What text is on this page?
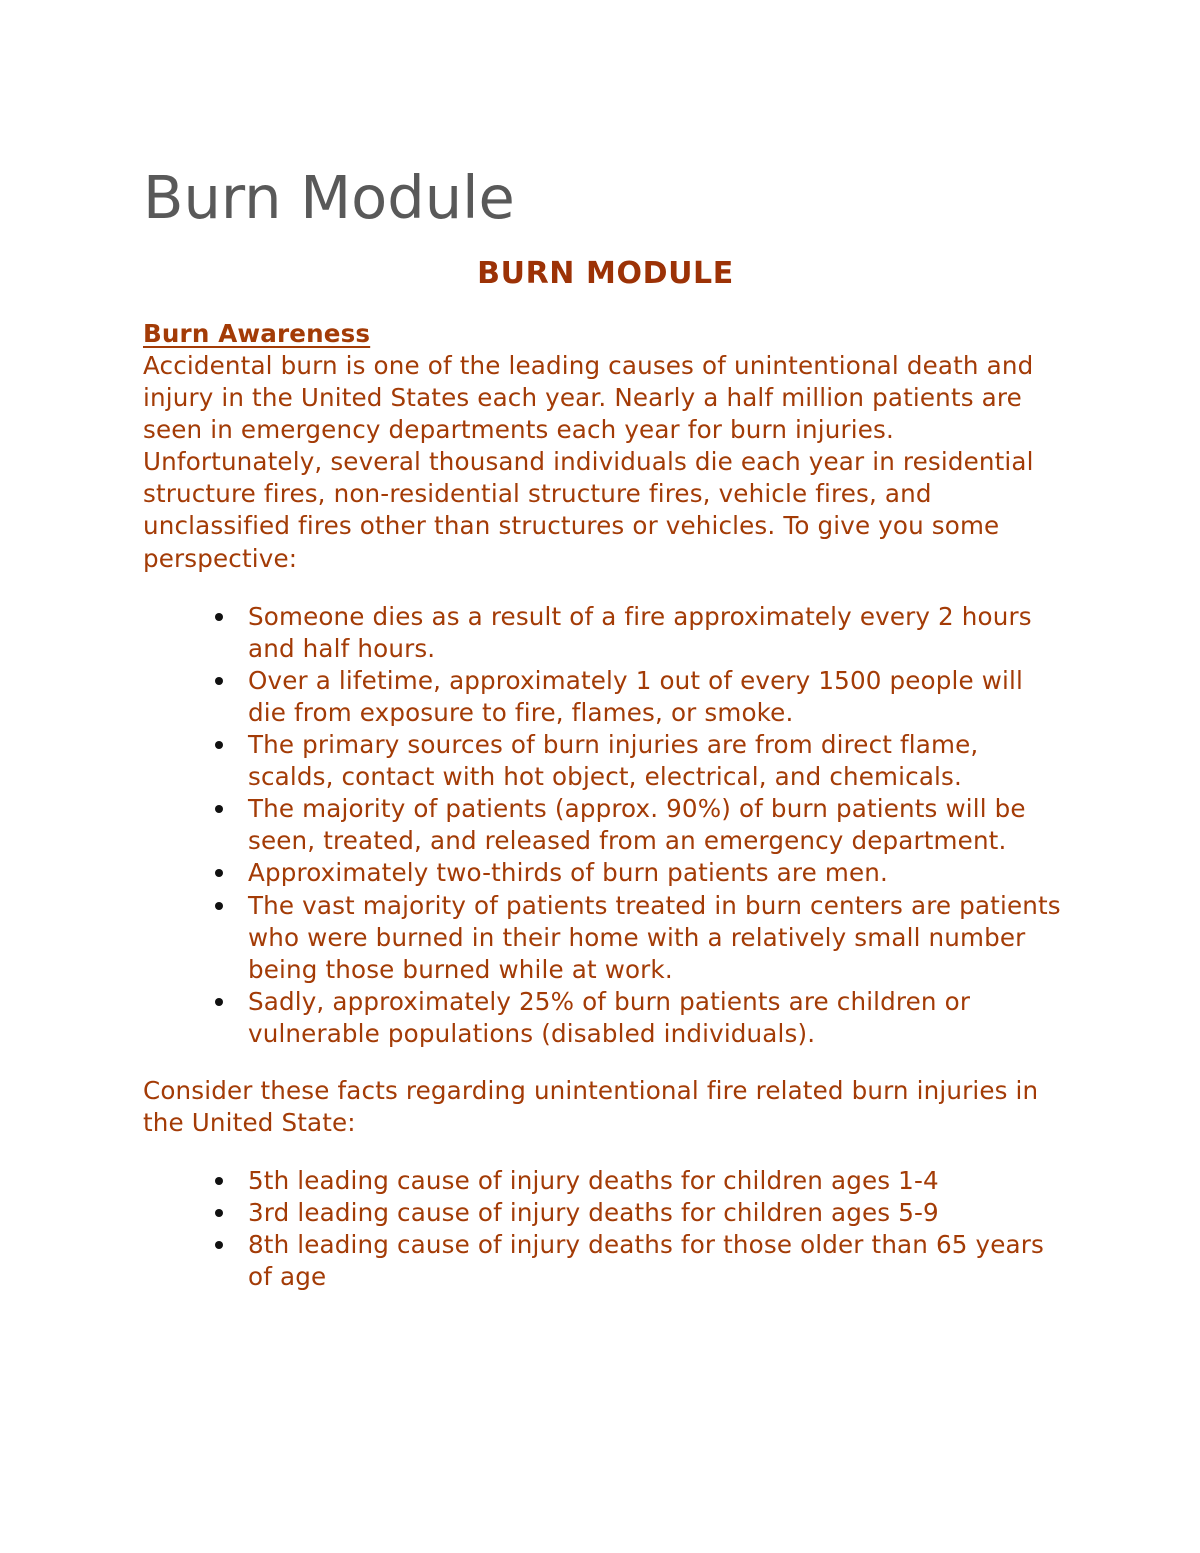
Burn Module
BURN MODULE
Burn Awareness

Accidental burn is one of the leading causes of unintentional death and injury in the United States each year. Nearly a half million patients are seen in emergency departments each year for burn injuries. Unfortunately, several thousand individuals die each year in residential structure fires, non-residential structure fires, vehicle fires, and unclassified fires other than structures or vehicles. To give you some perspective:

Someone dies as a result of a fire approximately every 2 hours and half hours.
Over a lifetime, approximately 1 out of every 1500 people will die from exposure to fire, flames, or smoke.
The primary sources of burn injuries are from direct flame, scalds, contact with hot object, electrical, and chemicals.
The majority of patients (approx. 90%) of burn patients will be seen, treated, and released from an emergency department.
Approximately two-thirds of burn patients are men.
The vast majority of patients treated in burn centers are patients who were burned in their home with a relatively small number being those burned while at work.
Sadly, approximately 25% of burn patients are children or vulnerable populations (disabled individuals).

Consider these facts regarding unintentional fire related burn injuries in the United State:

5th leading cause of injury deaths for children ages 1-4
3rd leading cause of injury deaths for children ages 5-9
8th leading cause of injury deaths for those older than 65 years of age
